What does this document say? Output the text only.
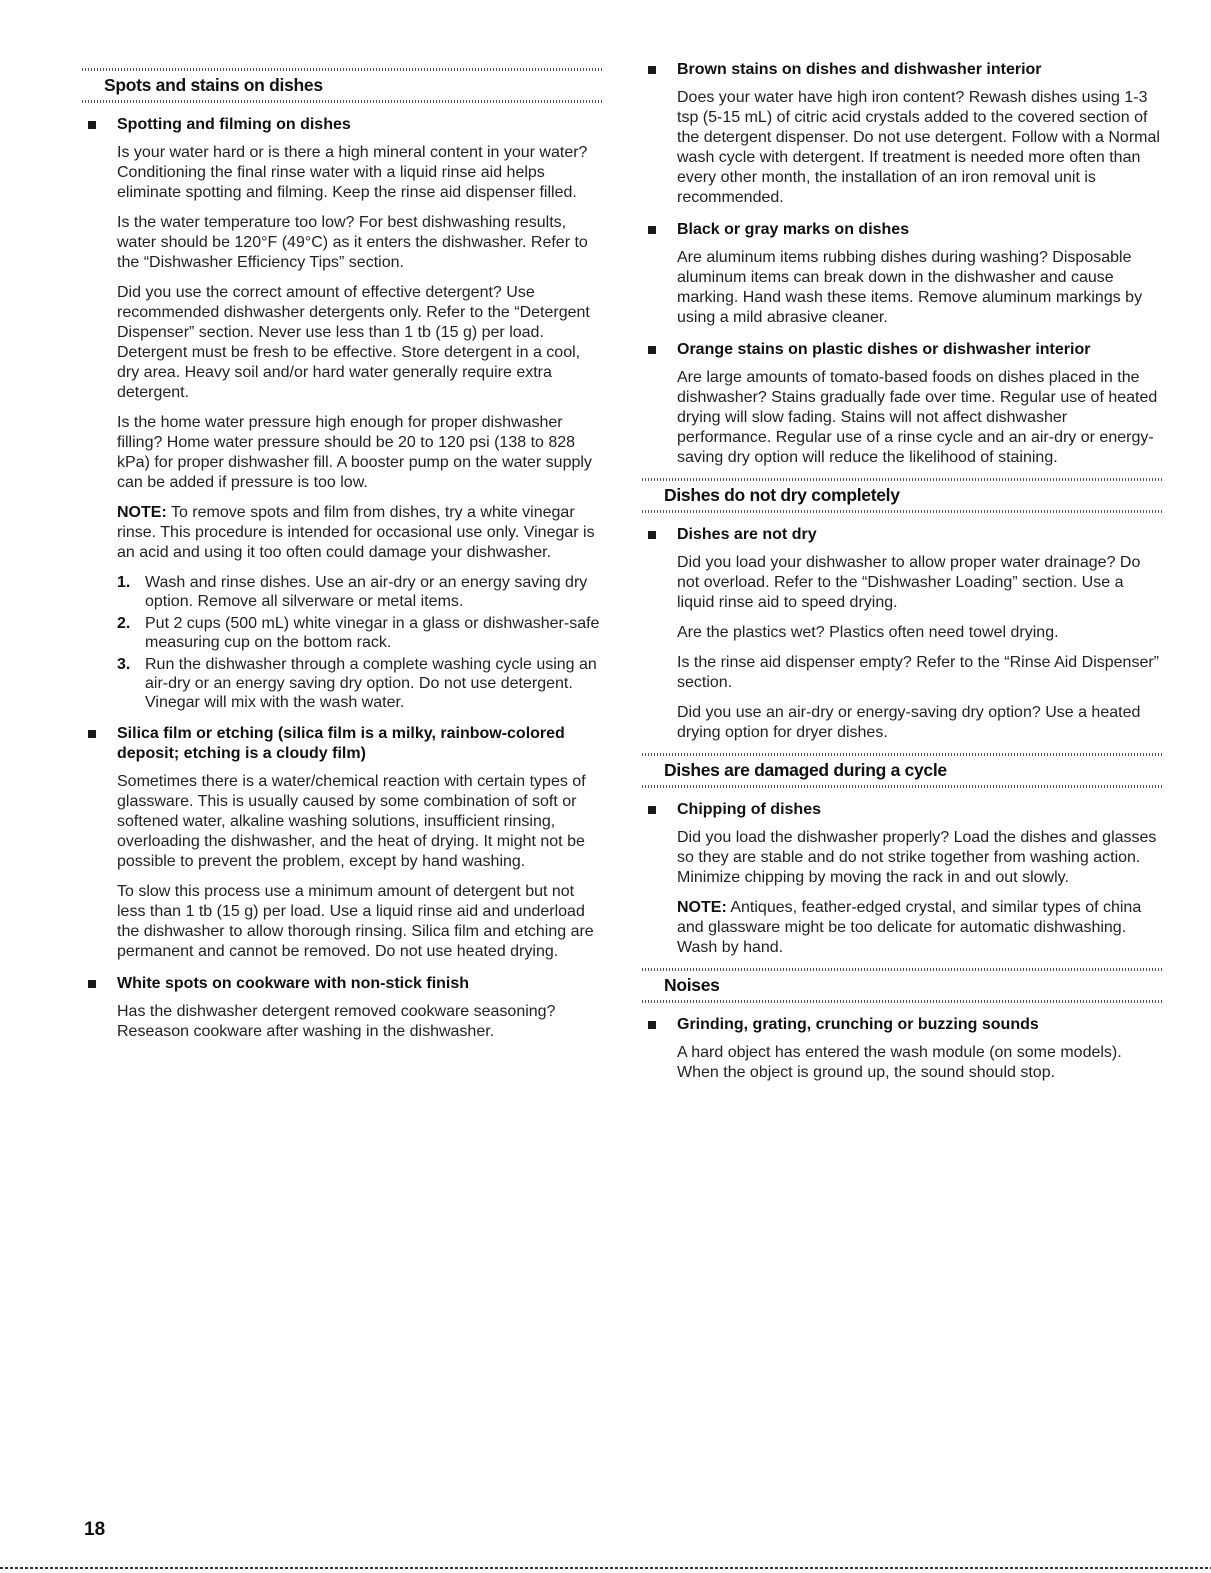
Spots and stains on dishes
Spotting and filming on dishes

Is your water hard or is there a high mineral content in your water? Conditioning the final rinse water with a liquid rinse aid helps eliminate spotting and filming. Keep the rinse aid dispenser filled.

Is the water temperature too low? For best dishwashing results, water should be 120°F (49°C) as it enters the dishwasher. Refer to the “Dishwasher Efficiency Tips” section.

Did you use the correct amount of effective detergent? Use recommended dishwasher detergents only. Refer to the “Detergent Dispenser” section. Never use less than 1 tb (15 g) per load. Detergent must be fresh to be effective. Store detergent in a cool, dry area. Heavy soil and/or hard water generally require extra detergent.

Is the home water pressure high enough for proper dishwasher filling? Home water pressure should be 20 to 120 psi (138 to 828 kPa) for proper dishwasher fill. A booster pump on the water supply can be added if pressure is too low.

NOTE: To remove spots and film from dishes, try a white vinegar rinse. This procedure is intended for occasional use only. Vinegar is an acid and using it too often could damage your dishwasher.

1. Wash and rinse dishes. Use an air-dry or an energy saving dry option. Remove all silverware or metal items.
2. Put 2 cups (500 mL) white vinegar in a glass or dishwasher-safe measuring cup on the bottom rack.
3. Run the dishwasher through a complete washing cycle using an air-dry or an energy saving dry option. Do not use detergent. Vinegar will mix with the wash water.
Silica film or etching (silica film is a milky, rainbow-colored deposit; etching is a cloudy film)

Sometimes there is a water/chemical reaction with certain types of glassware. This is usually caused by some combination of soft or softened water, alkaline washing solutions, insufficient rinsing, overloading the dishwasher, and the heat of drying. It might not be possible to prevent the problem, except by hand washing.

To slow this process use a minimum amount of detergent but not less than 1 tb (15 g) per load. Use a liquid rinse aid and underload the dishwasher to allow thorough rinsing. Silica film and etching are permanent and cannot be removed. Do not use heated drying.

White spots on cookware with non-stick finish

Has the dishwasher detergent removed cookware seasoning? Reseason cookware after washing in the dishwasher.

Brown stains on dishes and dishwasher interior

Does your water have high iron content? Rewash dishes using 1-3 tsp (5-15 mL) of citric acid crystals added to the covered section of the detergent dispenser. Do not use detergent. Follow with a Normal wash cycle with detergent. If treatment is needed more often than every other month, the installation of an iron removal unit is recommended.

Black or gray marks on dishes

Are aluminum items rubbing dishes during washing? Disposable aluminum items can break down in the dishwasher and cause marking. Hand wash these items. Remove aluminum markings by using a mild abrasive cleaner.

Orange stains on plastic dishes or dishwasher interior

Are large amounts of tomato-based foods on dishes placed in the dishwasher? Stains gradually fade over time. Regular use of heated drying will slow fading. Stains will not affect dishwasher performance. Regular use of a rinse cycle and an air-dry or energy-saving dry option will reduce the likelihood of staining.

Dishes do not dry completely
Dishes are not dry

Did you load your dishwasher to allow proper water drainage? Do not overload. Refer to the “Dishwasher Loading” section. Use a liquid rinse aid to speed drying.

Are the plastics wet? Plastics often need towel drying.

Is the rinse aid dispenser empty? Refer to the “Rinse Aid Dispenser” section.

Did you use an air-dry or energy-saving dry option? Use a heated drying option for dryer dishes.

Dishes are damaged during a cycle
Chipping of dishes

Did you load the dishwasher properly? Load the dishes and glasses so they are stable and do not strike together from washing action. Minimize chipping by moving the rack in and out slowly.

NOTE: Antiques, feather-edged crystal, and similar types of china and glassware might be too delicate for automatic dishwashing. Wash by hand.

Noises
Grinding, grating, crunching or buzzing sounds

A hard object has entered the wash module (on some models). When the object is ground up, the sound should stop.

18
